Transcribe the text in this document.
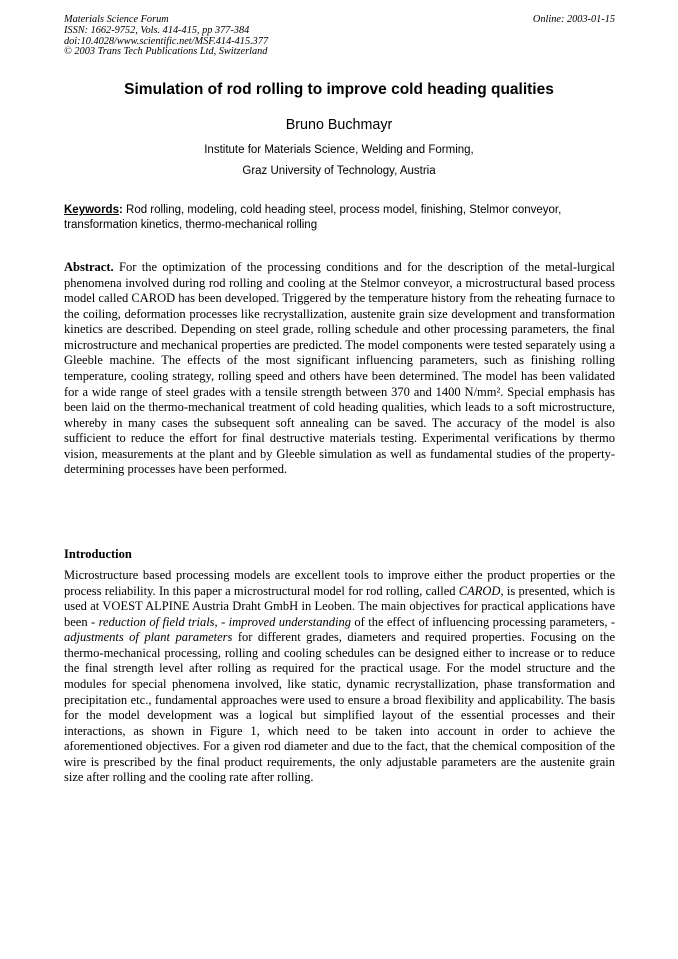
Materials Science Forum
ISSN: 1662-9752, Vols. 414-415, pp 377-384
doi:10.4028/www.scientific.net/MSF.414-415.377
© 2003 Trans Tech Publications Ltd, Switzerland
Online: 2003-01-15
Simulation of rod rolling to improve cold heading qualities
Bruno Buchmayr
Institute for Materials Science, Welding and Forming,
Graz University of Technology, Austria
Keywords: Rod rolling, modeling, cold heading steel, process model, finishing, Stelmor conveyor, transformation kinetics, thermo-mechanical rolling
Abstract. For the optimization of the processing conditions and for the description of the metal-lurgical phenomena involved during rod rolling and cooling at the Stelmor conveyor, a microstructural based process model called CAROD has been developed. Triggered by the temperature history from the reheating furnace to the coiling, deformation processes like recrystallization, austenite grain size development and transformation kinetics are described. Depending on steel grade, rolling schedule and other processing parameters, the final microstructure and mechanical properties are predicted. The model components were tested separately using a Gleeble machine. The effects of the most significant influencing parameters, such as finishing rolling temperature, cooling strategy, rolling speed and others have been determined. The model has been validated for a wide range of steel grades with a tensile strength between 370 and 1400 N/mm². Special emphasis has been laid on the thermo-mechanical treatment of cold heading qualities, which leads to a soft microstructure, whereby in many cases the subsequent soft annealing can be saved. The accuracy of the model is also sufficient to reduce the effort for final destructive materials testing. Experimental verifications by thermo vision, measurements at the plant and by Gleeble simulation as well as fundamental studies of the property-determining processes have been performed.
Introduction
Microstructure based processing models are excellent tools to improve either the product properties or the process reliability. In this paper a microstructural model for rod rolling, called CAROD, is presented, which is used at VOEST ALPINE Austria Draht GmbH in Leoben. The main objectives for practical applications have been - reduction of field trials, - improved understanding of the effect of influencing processing parameters, - adjustments of plant parameters for different grades, diameters and required properties. Focusing on the thermo-mechanical processing, rolling and cooling schedules can be designed either to increase or to reduce the final strength level after rolling as required for the practical usage. For the model structure and the modules for special phenomena involved, like static, dynamic recrystallization, phase transformation and precipitation etc., fundamental approaches were used to ensure a broad flexibility and applicability. The basis for the model development was a logical but simplified layout of the essential processes and their interactions, as shown in Figure 1, which need to be taken into account in order to achieve the aforementioned objectives. For a given rod diameter and due to the fact, that the chemical composition of the wire is prescribed by the final product requirements, the only adjustable parameters are the austenite grain size after rolling and the cooling rate after rolling.
